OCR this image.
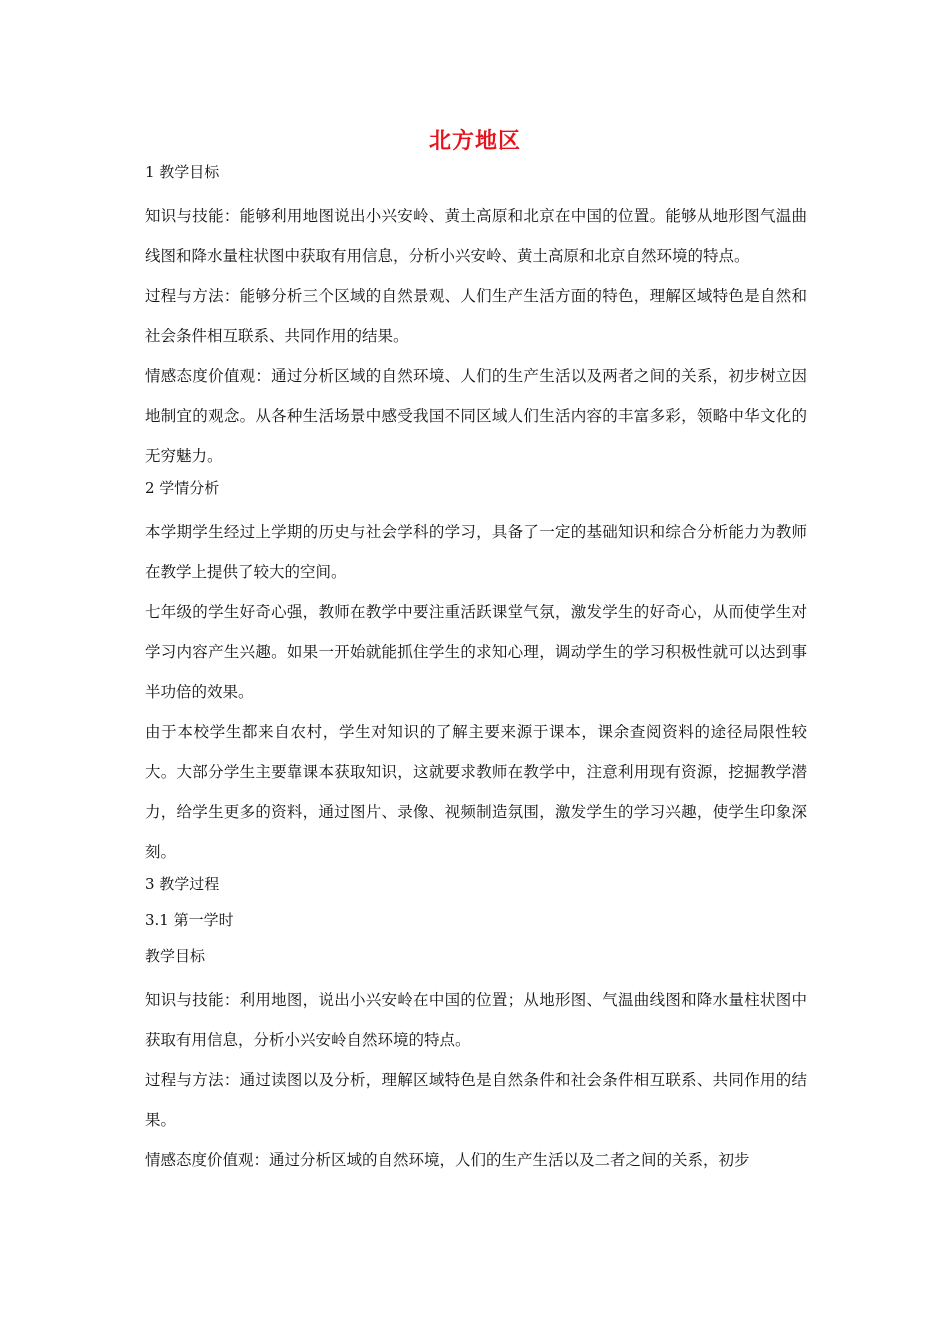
北方地区
1 教学目标

知识与技能：能够利用地图说出小兴安岭、黄土高原和北京在中国的位置。能够从地形图气温曲线图和降水量柱状图中获取有用信息，分析小兴安岭、黄土高原和北京自然环境的特点。

过程与方法：能够分析三个区域的自然景观、人们生产生活方面的特色，理解区域特色是自然和社会条件相互联系、共同作用的结果。

情感态度价值观：通过分析区域的自然环境、人们的生产生活以及两者之间的关系，初步树立因地制宜的观念。从各种生活场景中感受我国不同区域人们生活内容的丰富多彩，领略中华文化的无穷魅力。

2 学情分析

本学期学生经过上学期的历史与社会学科的学习，具备了一定的基础知识和综合分析能力为教师在教学上提供了较大的空间。

七年级的学生好奇心强，教师在教学中要注重活跃课堂气氛，激发学生的好奇心，从而使学生对学习内容产生兴趣。如果一开始就能抓住学生的求知心理，调动学生的学习积极性就可以达到事半功倍的效果。

由于本校学生都来自农村，学生对知识的了解主要来源于课本，课余查阅资料的途径局限性较大。大部分学生主要靠课本获取知识，这就要求教师在教学中，注意利用现有资源，挖掘教学潜力，给学生更多的资料，通过图片、录像、视频制造氛围，激发学生的学习兴趣，使学生印象深刻。

3 教学过程
3.1 第一学时
教学目标

知识与技能：利用地图，说出小兴安岭在中国的位置；从地形图、气温曲线图和降水量柱状图中获取有用信息，分析小兴安岭自然环境的特点。

过程与方法：通过读图以及分析，理解区域特色是自然条件和社会条件相互联系、共同作用的结果。

情感态度价值观：通过分析区域的自然环境，人们的生产生活以及二者之间的关系，初步
